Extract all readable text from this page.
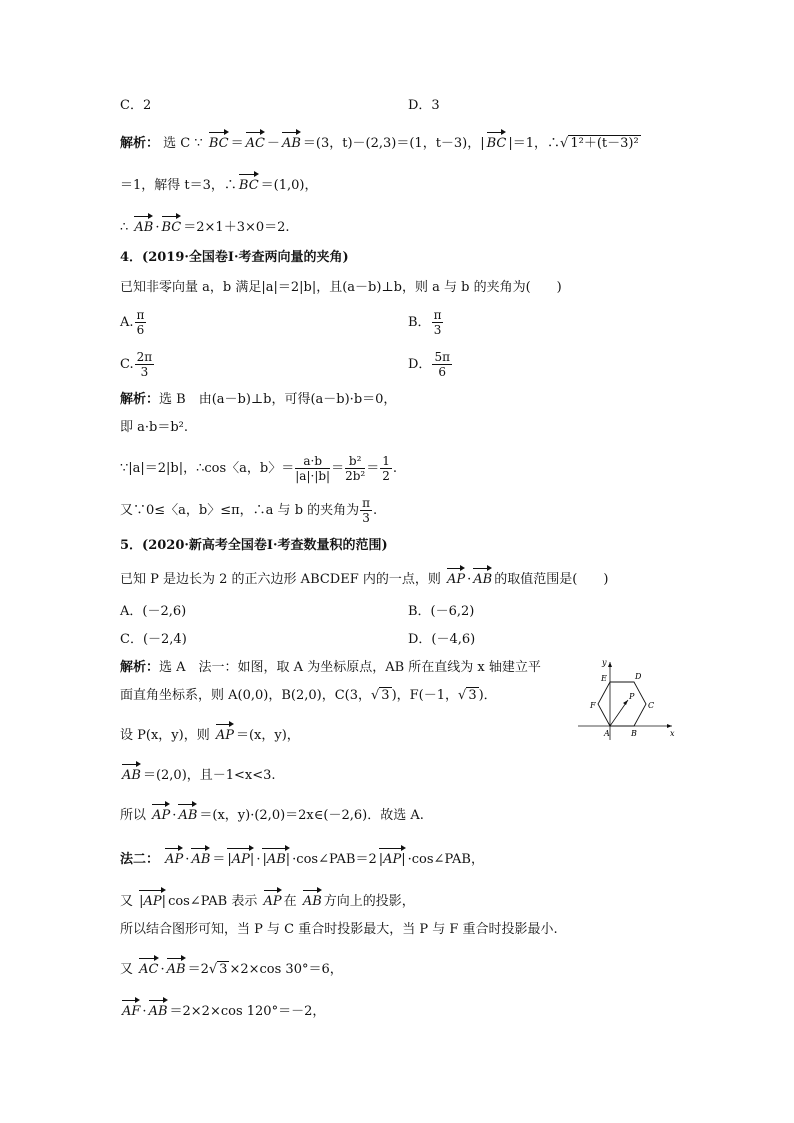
C．2	D．3
解析： 选 C ∵ BC ＝ AC － AB ＝(3，t)－(2,3)＝(1，t－3)，| BC |＝1，∴√ 1²＋(t－3)²
＝1，解得 t＝3，∴ BC ＝(1,0)，
∴ AB · BC ＝2×1＋3×0＝2.
4．(2019·全国卷Ⅰ·考查两向量的夹角)
已知非零向量 a，b 满足|a|＝2|b|，且(a－b)⊥b，则 a 与 b 的夹角为(　　)
A. $\frac{\pi}{6}$	B． $\frac{\pi}{3}$
C. $\frac{2\pi}{3}$	D． $\frac{5\pi}{6}$
解析：选 B　由(a－b)⊥b，可得(a－b)·b＝0，
即 a·b＝b².
∵|a|＝2|b|，∴cos〈a，b〉＝ $\frac{a\cdot b}{|a|\cdot|b|} = \frac{\text{b²}}{\text{2b²}} = \frac{1}{2}$ .
又∵0≤〈a，b〉≤π，∴a 与 b 的夹角为 $\frac{\pi}{3}$ .
5．(2020·新高考全国卷Ⅰ·考查数量积的范围)
已知 P 是边长为 2 的正六边形 ABCDEF 内的一点，则 AP · AB 的取值范围是(　　)
A．(－2,6)	B．(－6,2)
C．(－2,4)	D．(－4,6)
解析：选 A　法一：如图，取 A 为坐标原点，AB 所在直线为 x 轴建立平
面直角坐标系，则 A(0,0)，B(2,0)，C(3，√ 3 )，F(－1，√ 3 )．
设 P(x，y)，则 AP ＝(x，y)，
AB ＝(2,0)，且－1<x<3.
所以 AP · AB ＝(x，y)·(2,0)＝2x∈(－2,6)．故选 A.
法二： AP · AB ＝ |AP| · |AB| ·cos∠PAB＝2 |AP| ·cos∠PAB，
又 |AP| cos∠PAB 表示 AP 在 AB 方向上的投影，
所以结合图形可知，当 P 与 C 重合时投影最大，当 P 与 F 重合时投影最小.
又 AC · AB ＝2√ 3 ×2×cos 30°＝6，
AF · AB ＝2×2×cos 120°＝－2，
y
x
A	B
C
D
E
F
P
